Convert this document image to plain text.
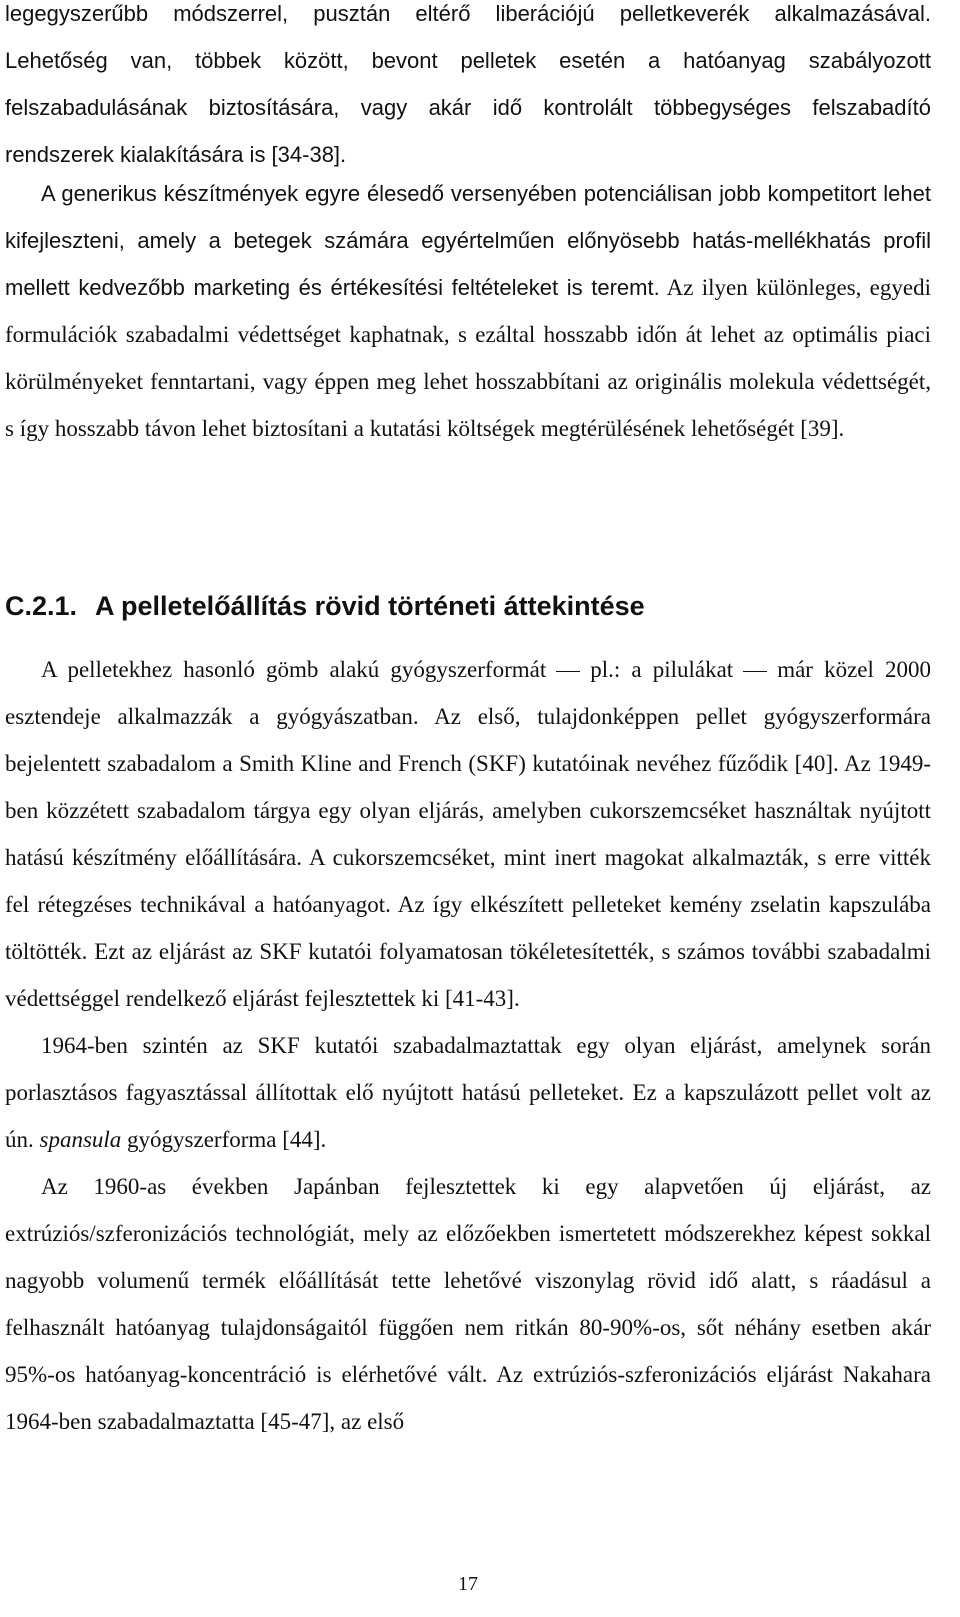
legegyszerűbb módszerrel, pusztán eltérő liberációjú pelletkeverék alkalmazásával.

Lehetőség van, többek között, bevont pelletek esetén a hatóanyag szabályozott

felszabadulásának biztosítására, vagy akár idő kontrolált többegységes felszabadító

rendszerek kialakítására is [34-38].

A generikus készítmények egyre élesedő versenyében potenciálisan jobb kompetitort lehet kifejleszteni, amely a betegek számára egyértelműen előnyösebb hatás-mellékhatás profil mellett kedvezőbb marketing és értékesítési feltételeket is teremt. Az ilyen különleges, egyedi formulációk szabadalmi védettséget kaphatnak, s ezáltal hosszabb időn át lehet az optimális piaci körülményeket fenntartani, vagy éppen meg lehet hosszabbítani az originális molekula védettségét, s így hosszabb távon lehet biztosítani a kutatási költségek megtérülésének lehetőségét [39].

C.2.1. A pelletelőállítás rövid történeti áttekintése

A pelletekhez hasonló gömb alakú gyógyszerformát pl.: a pilulákat már közel 2000 esztendeje alkalmazzák a gyógyászatban. Az első, tulajdonképpen pellet gyógyszerformára bejelentett szabadalom a Smith Kline and French (SKF) kutatóinak nevéhez fűződik [40]. Az 1949-ben közzétett szabadalom tárgya egy olyan eljárás, amelyben cukorszemcséket használtak nyújtott hatású készítmény előállítására. A cukorszemcséket, mint inert magokat alkalmazták, s erre vitték fel rétegzéses technikával a hatóanyagot. Az így elkészített pelleteket kemény zselatin kapszulába töltötték. Ezt az eljárást az SKF kutatói folyamatosan tökéletesítették, s számos további szabadalmi védettséggel rendelkező eljárást fejlesztettek ki [41-43].

1964-ben szintén az SKF kutatói szabadalmaztattak egy olyan eljárást, amelynek során porlasztásos fagyasztással állítottak elő nyújtott hatású pelleteket. Ez a kapszulázott pellet volt az ún. spansula gyógyszerforma [44].

Az 1960-as években Japánban fejlesztettek ki egy alapvetően új eljárást, az extrúziós/szferonizációs technológiát, mely az előzőekben ismertetett módszerekhez képest sokkal nagyobb volumenű termék előállítását tette lehetővé viszonylag rövid idő alatt, s ráadásul a felhasznált hatóanyag tulajdonságaitól függően nem ritkán 80-90%-os, sőt néhány esetben akár 95%-os hatóanyag-koncentráció is elérhetővé vált. Az extrúziós-szferonizációs eljárást Nakahara 1964-ben szabadalmaztatta [45-47], az első

17
